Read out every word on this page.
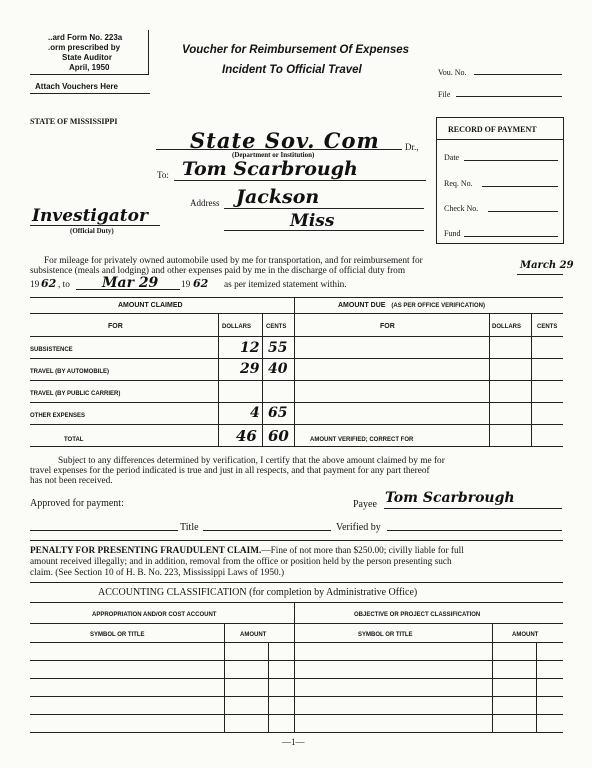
..ard Form No. 223a
.orm prescribed by
State Auditor
April, 1950
Attach Vouchers Here
Voucher for Reimbursement Of Expenses
Incident To Official Travel	Vou. No.
File
STATE OF MISSISSIPPI
RECORD OF PAYMENT
Date
Req. No.
Check No.
Fund
State Sov. Com	Dr.,
(Department or Institution)
To: Tom Scarbrough
Address Jackson
Miss
Investigator
(Official Duty)
For mileage for privately owned automobile used by me for transportation, and for reimbursement for
subsistence (meals and lodging) and other expenses paid by me in the discharge of official duty from	March 29
19 62 , to Mar 29 19 62 as per itemized statement within.
AMOUNT CLAIMED	AMOUNT DUE (AS PER OFFICE VERIFICATION)
FOR	DOLLARS	CENTS	FOR	DOLLARS	CENTS
SUBSISTENCE	12 55
TRAVEL (BY AUTOMOBILE)	29 40
TRAVEL (BY PUBLIC CARRIER)
OTHER EXPENSES	4 65
TOTAL	46 60	AMOUNT VERIFIED; CORRECT FOR
Subject to any differences determined by verification, I certify that the above amount claimed by me for
travel expenses for the period indicated is true and just in all respects, and that payment for any part thereof
has not been received.
Approved for payment:	Payee Tom Scarbrough
Title	Verified by
PENALTY FOR PRESENTING FRAUDULENT CLAIM.—Fine of not more than $250.00; civilly liable for full
amount received illegally; and in addition, removal from the office or position held by the person presenting such
claim. (See Section 10 of H. B. No. 223, Mississippi Laws of 1950.)
ACCOUNTING CLASSIFICATION (for completion by Administrative Office)
APPROPRIATION AND/OR COST ACCOUNT	OBJECTIVE OR PROJECT CLASSIFICATION
SYMBOL OR TITLE	AMOUNT	SYMBOL OR TITLE	AMOUNT
—1—
